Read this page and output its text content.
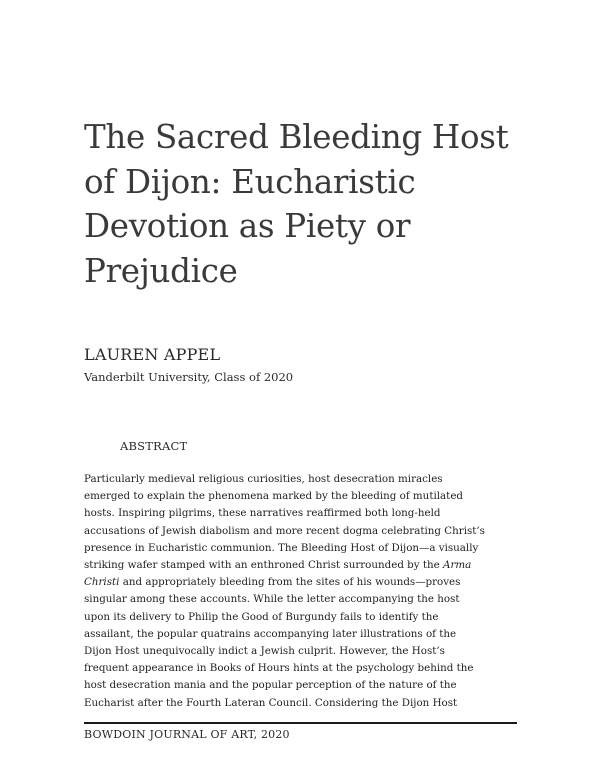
The Sacred Bleeding Host
of Dijon: Eucharistic
Devotion as Piety or
Prejudice
LAUREN APPEL
Vanderbilt University, Class of 2020
ABSTRACT
Particularly medieval religious curiosities, host desecration miracles
emerged to explain the phenomena marked by the bleeding of mutilated
hosts. Inspiring pilgrims, these narratives reaffirmed both long-held
accusations of Jewish diabolism and more recent dogma celebrating Christ’s
presence in Eucharistic communion. The Bleeding Host of Dijon—a visually
striking wafer stamped with an enthroned Christ surrounded by the Arma
Christi and appropriately bleeding from the sites of his wounds—proves
singular among these accounts. While the letter accompanying the host
upon its delivery to Philip the Good of Burgundy fails to identify the
assailant, the popular quatrains accompanying later illustrations of the
Dijon Host unequivocally indict a Jewish culprit. However, the Host’s
frequent appearance in Books of Hours hints at the psychology behind the
host desecration mania and the popular perception of the nature of the
Eucharist after the Fourth Lateran Council. Considering the Dijon Host
BOWDOIN JOURNAL OF ART, 2020
